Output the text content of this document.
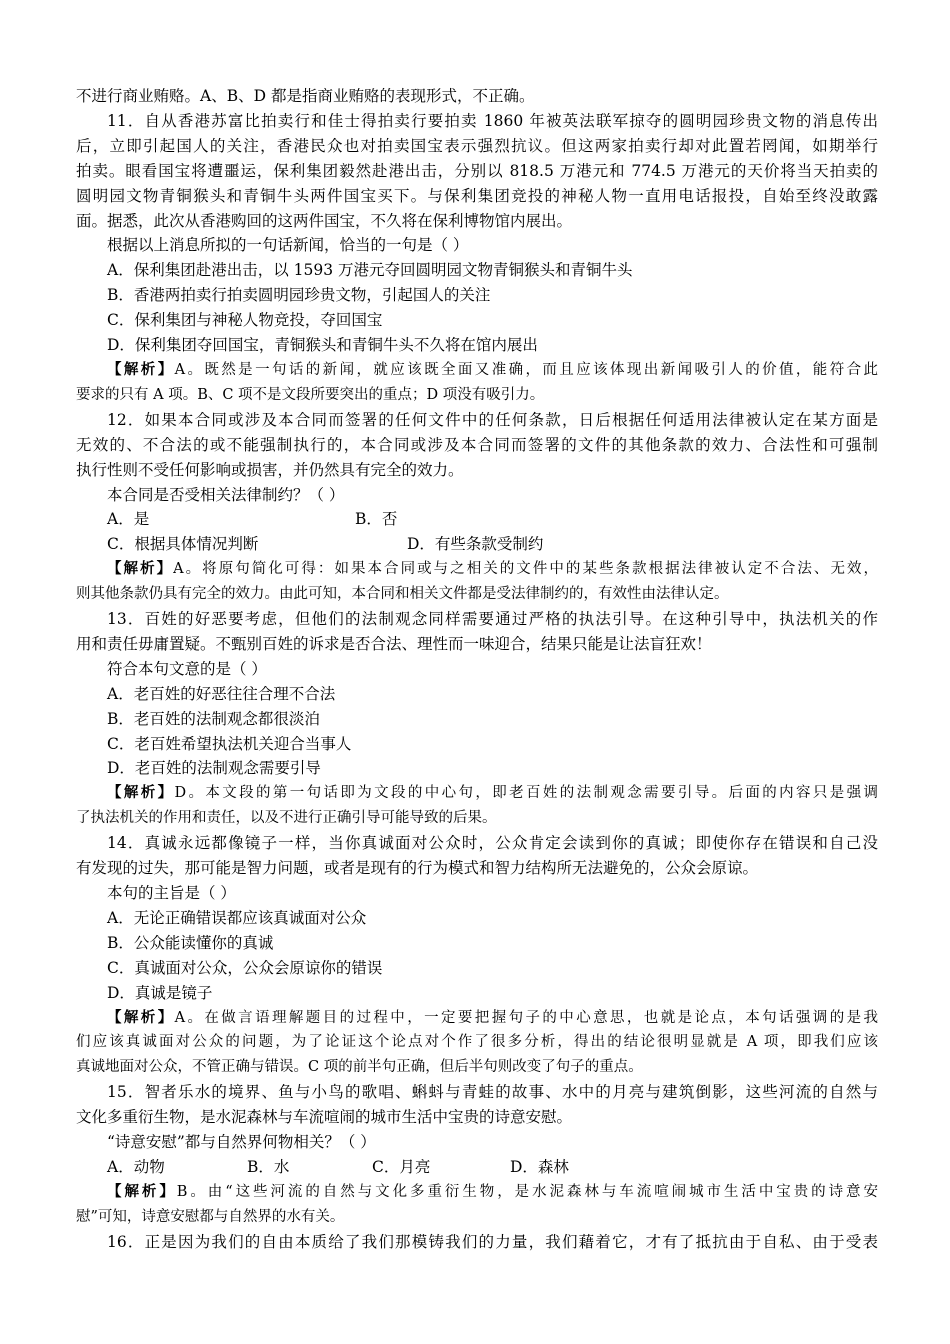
不进行商业贿赂。A、B、D 都是指商业贿赂的表现形式，不正确。
11．自从香港苏富比拍卖行和佳士得拍卖行要拍卖 1860 年被英法联军掠夺的圆明园珍贵文物的消息传出
后，立即引起国人的关注，香港民众也对拍卖国宝表示强烈抗议。但这两家拍卖行却对此置若罔闻，如期举行
拍卖。眼看国宝将遭噩运，保利集团毅然赴港出击，分别以 818.5 万港元和 774.5 万港元的天价将当天拍卖的
圆明园文物青铜猴头和青铜牛头两件国宝买下。与保利集团竞投的神秘人物一直用电话报投，自始至终没敢露
面。据悉，此次从香港购回的这两件国宝，不久将在保利博物馆内展出。
根据以上消息所拟的一句话新闻，恰当的一句是（ ）
A．保利集团赴港出击，以 1593 万港元夺回圆明园文物青铜猴头和青铜牛头
B．香港两拍卖行拍卖圆明园珍贵文物，引起国人的关注
C．保利集团与神秘人物竞投，夺回国宝
D．保利集团夺回国宝，青铜猴头和青铜牛头不久将在馆内展出
【解析】A。既然是一句话的新闻，就应该既全面又准确，而且应该体现出新闻吸引人的价值，能符合此
要求的只有 A 项。B、C 项不是文段所要突出的重点；D 项没有吸引力。
12．如果本合同或涉及本合同而签署的任何文件中的任何条款，日后根据任何适用法律被认定在某方面是
无效的、不合法的或不能强制执行的，本合同或涉及本合同而签署的文件的其他条款的效力、合法性和可强制
执行性则不受任何影响或损害，并仍然具有完全的效力。
本合同是否受相关法律制约？（ ）
A．是	B．否
C．根据具体情况判断	D．有些条款受制约
【解析】A。将原句简化可得：如果本合同或与之相关的文件中的某些条款根据法律被认定不合法、无效，
则其他条款仍具有完全的效力。由此可知，本合同和相关文件都是受法律制约的，有效性由法律认定。
13．百姓的好恶要考虑，但他们的法制观念同样需要通过严格的执法引导。在这种引导中，执法机关的作
用和责任毋庸置疑。不甄别百姓的诉求是否合法、理性而一味迎合，结果只能是让法盲狂欢！
符合本句文意的是（ ）
A．老百姓的好恶往往合理不合法
B．老百姓的法制观念都很淡泊
C．老百姓希望执法机关迎合当事人
D．老百姓的法制观念需要引导
【解析】D。本文段的第一句话即为文段的中心句，即老百姓的法制观念需要引导。后面的内容只是强调
了执法机关的作用和责任，以及不进行正确引导可能导致的后果。
14．真诚永远都像镜子一样，当你真诚面对公众时，公众肯定会读到你的真诚；即使你存在错误和自己没
有发现的过失，那可能是智力问题，或者是现有的行为模式和智力结构所无法避免的，公众会原谅。
本句的主旨是（ ）
A．无论正确错误都应该真诚面对公众
B．公众能读懂你的真诚
C．真诚面对公众，公众会原谅你的错误
D．真诚是镜子
【解析】A。在做言语理解题目的过程中，一定要把握句子的中心意思，也就是论点，本句话强调的是我
们应该真诚面对公众的问题，为了论证这个论点对个作了很多分析，得出的结论很明显就是 A 项，即我们应该
真诚地面对公众，不管正确与错误。C 项的前半句正确，但后半句则改变了句子的重点。
15．智者乐水的境界、鱼与小鸟的歌唱、蝌蚪与青蛙的故事、水中的月亮与建筑倒影，这些河流的自然与
文化多重衍生物，是水泥森林与车流喧闹的城市生活中宝贵的诗意安慰。
“诗意安慰”都与自然界何物相关？（ ）
A．动物	B．水	C．月亮	D．森林
【解析】B。由“这些河流的自然与文化多重衍生物，是水泥森林与车流喧闹城市生活中宝贵的诗意安
慰”可知，诗意安慰都与自然界的水有关。
16．正是因为我们的自由本质给了我们那模铸我们的力量，我们藉着它，才有了抵抗由于自私、由于受表
